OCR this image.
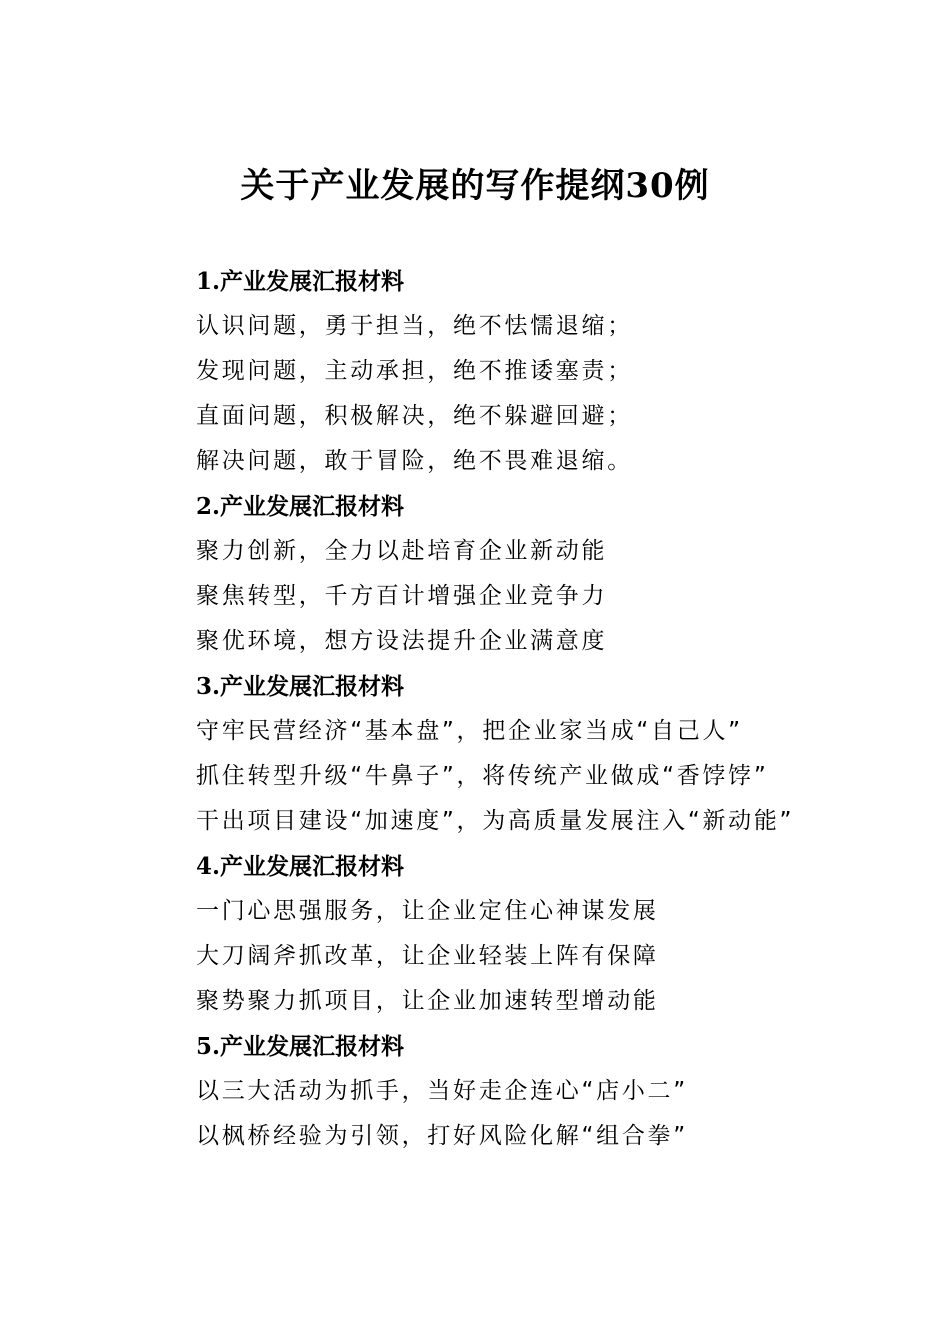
关于产业发展的写作提纲30例

1.产业发展汇报材料

认识问题，勇于担当，绝不怯懦退缩；

发现问题，主动承担，绝不推诿塞责；

直面问题，积极解决，绝不躲避回避；

解决问题，敢于冒险，绝不畏难退缩。

2.产业发展汇报材料

聚力创新，全力以赴培育企业新动能

聚焦转型，千方百计增强企业竞争力

聚优环境，想方设法提升企业满意度

3.产业发展汇报材料

守牢民营经济“基本盘”，把企业家当成“自己人”

抓住转型升级“牛鼻子”，将传统产业做成“香饽饽”

干出项目建设“加速度”，为高质量发展注入“新动能”

4.产业发展汇报材料

一门心思强服务，让企业定住心神谋发展

大刀阔斧抓改革，让企业轻装上阵有保障

聚势聚力抓项目，让企业加速转型增动能

5.产业发展汇报材料

以三大活动为抓手，当好走企连心“店小二”

以枫桥经验为引领，打好风险化解“组合拳”
